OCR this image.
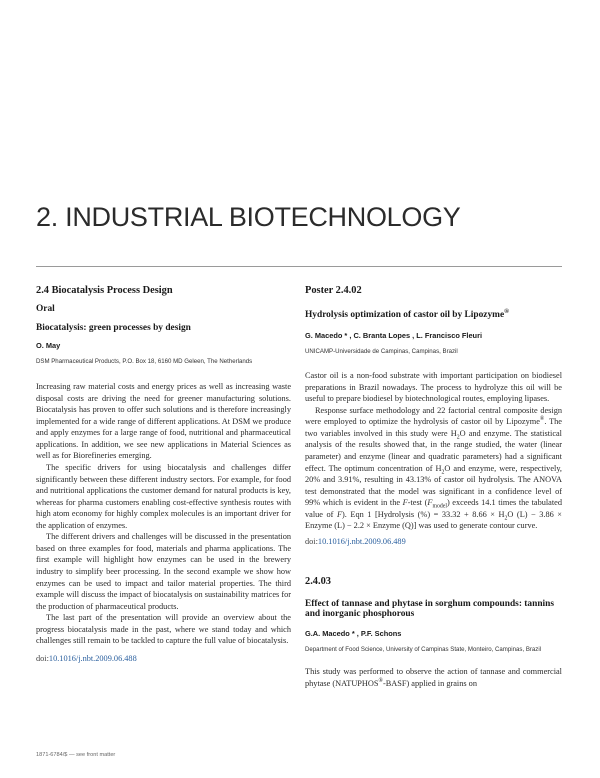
2. INDUSTRIAL BIOTECHNOLOGY

2.4 Biocatalysis Process Design

Oral

Biocatalysis: green processes by design

O. May

DSM Pharmaceutical Products, P.O. Box 18, 6160 MD Geleen, The Netherlands

Increasing raw material costs and energy prices as well as increasing waste disposal costs are driving the need for greener manufacturing solutions. Biocatalysis has proven to offer such solutions and is therefore increasingly implemented for a wide range of different applications. At DSM we produce and apply enzymes for a large range of food, nutritional and pharmaceutical applications. In addition, we see new applications in Material Sciences as well as for Biorefineries emerging.

The specific drivers for using biocatalysis and challenges differ significantly between these different industry sectors. For example, for food and nutritional applications the customer demand for natural products is key, whereas for pharma customers enabling cost-effective synthesis routes with high atom economy for highly complex molecules is an important driver for the application of enzymes.

The different drivers and challenges will be discussed in the presentation based on three examples for food, materials and pharma applications. The first example will highlight how enzymes can be used in the brewery industry to simplify beer processing. In the second example we show how enzymes can be used to impact and tailor material properties. The third example will discuss the impact of biocatalysis on sustainability matrices for the production of pharmaceutical products.

The last part of the presentation will provide an overview about the progress biocatalysis made in the past, where we stand today and which challenges still remain to be tackled to capture the full value of biocatalysis.

doi:10.1016/j.nbt.2009.06.488

Poster 2.4.02

Hydrolysis optimization of castor oil by Lipozyme®

G. Macedo * , C. Branta Lopes , L. Francisco Fleuri

UNICAMP-Universidade de Campinas, Campinas, Brazil

Castor oil is a non-food substrate with important participation on biodiesel preparations in Brazil nowadays. The process to hydrolyze this oil will be useful to prepare biodiesel by biotechnological routes, employing lipases.

Response surface methodology and 22 factorial central composite design were employed to optimize the hydrolysis of castor oil by Lipozyme®. The two variables involved in this study were $H_2O$ and enzyme. The statistical analysis of the results showed that, in the range studied, the water (linear parameter) and enzyme (linear and quadratic parameters) had a significant effect. The optimum concentration of $H_2O$ and enzyme, were, respectively, 20% and 3.91%, resulting in 43.13% of castor oil hydrolysis. The ANOVA test demonstrated that the model was significant in a confidence level of 99% which is evident in the F-test $(F_{model})$ exceeds 14.1 times the tabulated value of F). Eqn 1 [Hydrolysis (%) = $33.32 + 8.66 \times H_2O$ (L) − 3.86 × Enzyme (L) − 2.2 × Enzyme (Q)] was used to generate contour curve.

doi:10.1016/j.nbt.2009.06.489

2.4.03

Effect of tannase and phytase in sorghum compounds: tannins and inorganic phosphorous

G.A. Macedo * , P.F. Schons

Department of Food Science, University of Campinas State, Monteiro, Campinas, Brazil

This study was performed to observe the action of tannase and commercial phytase (NATUPHOS®-BASF) applied in grains on

1871-6784/$ — see front matter
